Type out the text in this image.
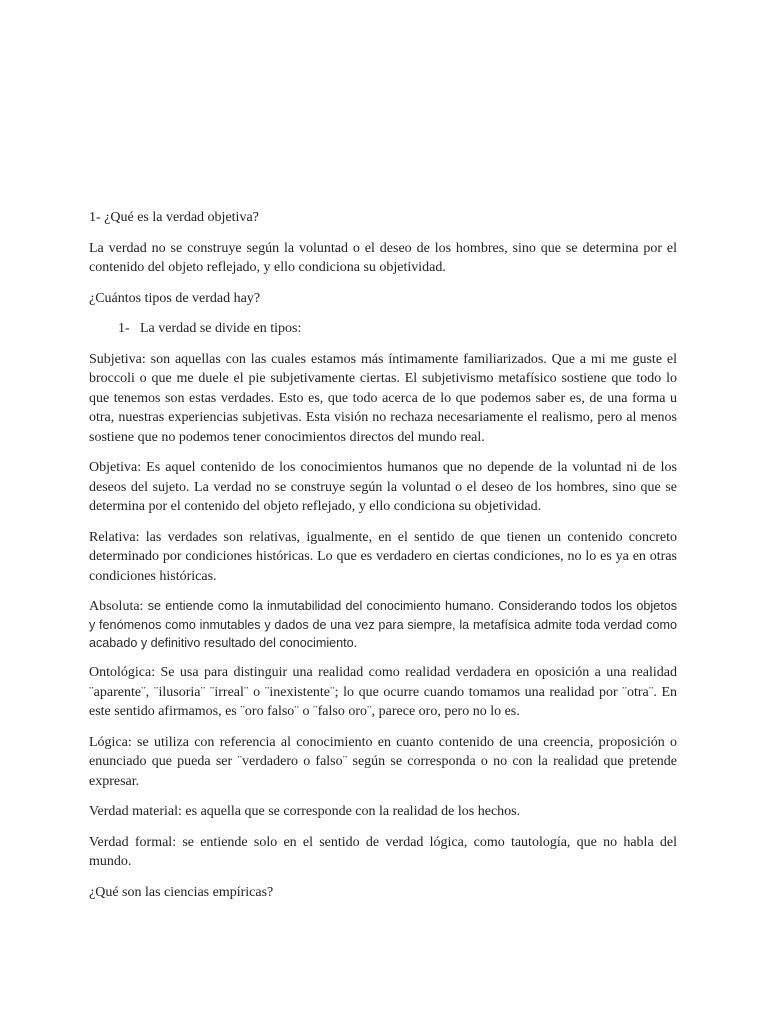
1- ¿Qué es la verdad objetiva?

La verdad no se construye según la voluntad o el deseo de los hombres, sino que se determina por el contenido del objeto reflejado, y ello condiciona su objetividad.

¿Cuántos tipos de verdad hay?

1- La verdad se divide en tipos:

Subjetiva: son aquellas con las cuales estamos más íntimamente familiarizados. Que a mi me guste el broccoli o que me duele el pie subjetivamente ciertas. El subjetivismo metafísico sostiene que todo lo que tenemos son estas verdades. Esto es, que todo acerca de lo que podemos saber es, de una forma u otra, nuestras experiencias subjetivas. Esta visión no rechaza necesariamente el realismo, pero al menos sostiene que no podemos tener conocimientos directos del mundo real.

Objetiva: Es aquel contenido de los conocimientos humanos que no depende de la voluntad ni de los deseos del sujeto. La verdad no se construye según la voluntad o el deseo de los hombres, sino que se determina por el contenido del objeto reflejado, y ello condiciona su objetividad.

Relativa: las verdades son relativas, igualmente, en el sentido de que tienen un contenido concreto determinado por condiciones históricas. Lo que es verdadero en ciertas condiciones, no lo es ya en otras condiciones históricas.

Absoluta: se entiende como la inmutabilidad del conocimiento humano. Considerando todos los objetos y fenómenos como inmutables y dados de una vez para siempre, la metafísica admite toda verdad como acabado y definitivo resultado del conocimiento.

Ontológica: Se usa para distinguir una realidad como realidad verdadera en oposición a una realidad ¨aparente¨, ¨ilusoria¨ ¨irreal¨ o ¨inexistente¨; lo que ocurre cuando tomamos una realidad por ¨otra¨. En este sentido afirmamos, es ¨oro falso¨ o ¨falso oro¨, parece oro, pero no lo es.

Lógica: se utiliza con referencia al conocimiento en cuanto contenido de una creencia, proposición o enunciado que pueda ser ¨verdadero o falso¨ según se corresponda o no con la realidad que pretende expresar.

Verdad material: es aquella que se corresponde con la realidad de los hechos.

Verdad formal: se entiende solo en el sentido de verdad lógica, como tautología, que no habla del mundo.

¿Qué son las ciencias empíricas?
